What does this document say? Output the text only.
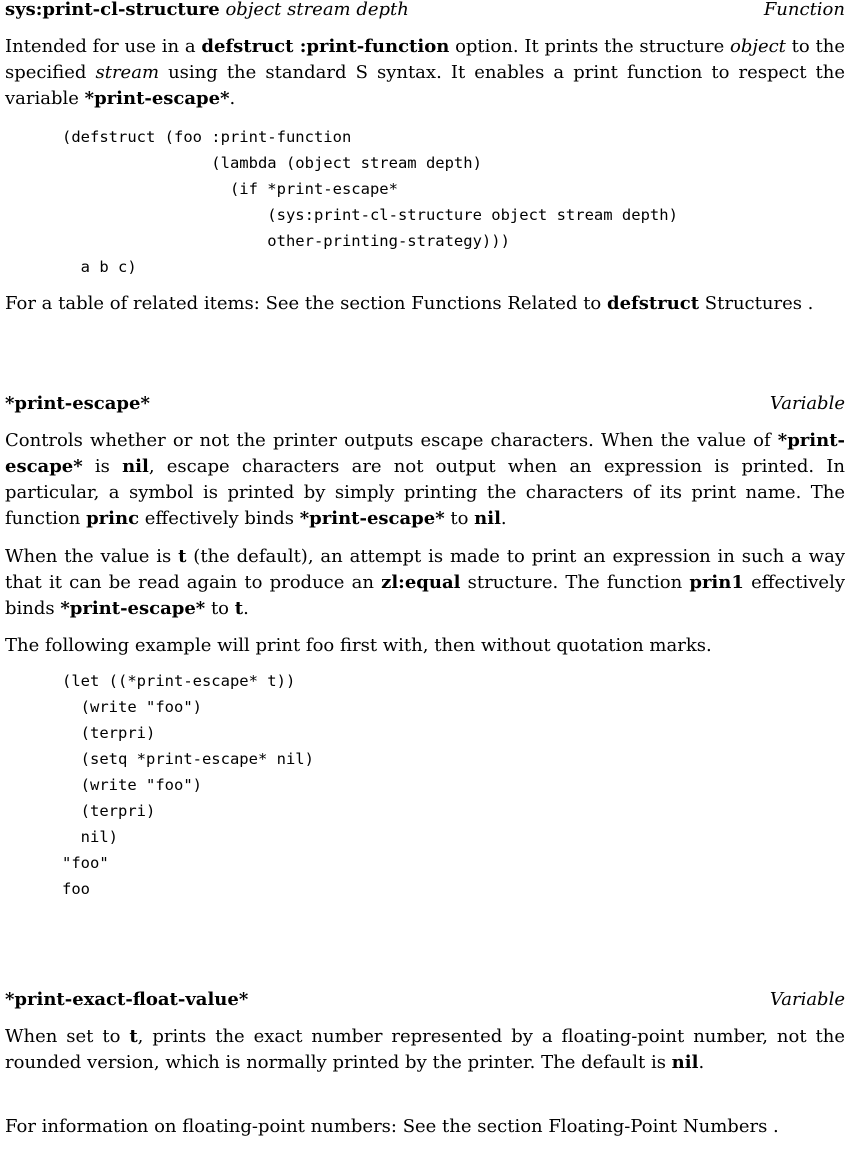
sys:print-cl-structure object stream depth	Function

Intended for use in a defstruct :print-function option. It prints the structure object to the specified stream using the standard S syntax. It enables a print function to respect the variable *print-escape*.

(defstruct (foo :print-function
(lambda (object stream depth)
(if *print-escape*
(sys:print-cl-structure object stream depth)
other-printing-strategy)))
a b c)

For a table of related items: See the section Functions Related to defstruct Structures .

*print-escape*	Variable

Controls whether or not the printer outputs escape characters. When the value of *print-escape* is nil, escape characters are not output when an expression is printed. In particular, a symbol is printed by simply printing the characters of its print name. The function princ effectively binds *print-escape* to nil.

When the value is t (the default), an attempt is made to print an expression in such a way that it can be read again to produce an zl:equal structure. The function prin1 effectively binds *print-escape* to t.

The following example will print foo first with, then without quotation marks.

(let ((*print-escape* t))
(write "foo")
(terpri)
(setq *print-escape* nil)
(write "foo")
(terpri)
nil)
"foo"
foo
*print-exact-float-value*	Variable

When set to t, prints the exact number represented by a floating-point number, not the rounded version, which is normally printed by the printer. The default is nil.

For information on floating-point numbers: See the section Floating-Point Numbers .
